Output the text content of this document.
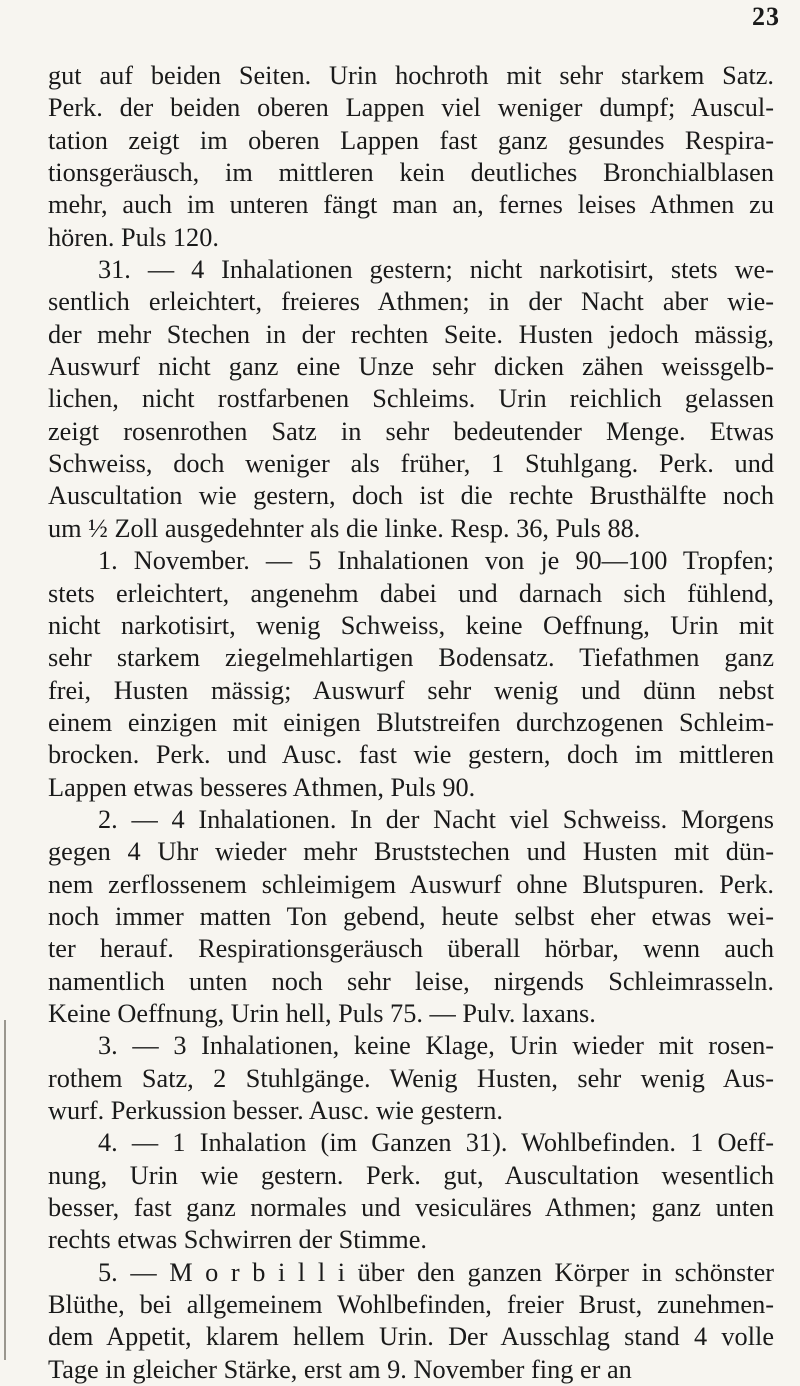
23
gut auf beiden Seiten. Urin hochroth mit sehr starkem Satz.
Perk. der beiden oberen Lappen viel weniger dumpf; Auscul-
tation zeigt im oberen Lappen fast ganz gesundes Respira-
tionsgeräusch, im mittleren kein deutliches Bronchialblasen
mehr, auch im unteren fängt man an, fernes leises Athmen zu
hören. Puls 120.
31. — 4 Inhalationen gestern; nicht narkotisirt, stets we-
sentlich erleichtert, freieres Athmen; in der Nacht aber wie-
der mehr Stechen in der rechten Seite. Husten jedoch mässig,
Auswurf nicht ganz eine Unze sehr dicken zähen weissgelb-
lichen, nicht rostfarbenen Schleims. Urin reichlich gelassen
zeigt rosenrothen Satz in sehr bedeutender Menge. Etwas
Schweiss, doch weniger als früher, 1 Stuhlgang. Perk. und
Auscultation wie gestern, doch ist die rechte Brusthälfte noch
um ½ Zoll ausgedehnter als die linke. Resp. 36, Puls 88.
1. November. — 5 Inhalationen von je 90—100 Tropfen;
stets erleichtert, angenehm dabei und darnach sich fühlend,
nicht narkotisirt, wenig Schweiss, keine Oeffnung, Urin mit
sehr starkem ziegelmehlartigen Bodensatz. Tiefathmen ganz
frei, Husten mässig; Auswurf sehr wenig und dünn nebst
einem einzigen mit einigen Blutstreifen durchzogenen Schleim-
brocken. Perk. und Ausc. fast wie gestern, doch im mittleren
Lappen etwas besseres Athmen, Puls 90.
2. — 4 Inhalationen. In der Nacht viel Schweiss. Morgens
gegen 4 Uhr wieder mehr Bruststechen und Husten mit dün-
nem zerflossenem schleimigem Auswurf ohne Blutspuren. Perk.
noch immer matten Ton gebend, heute selbst eher etwas wei-
ter herauf. Respirationsgeräusch überall hörbar, wenn auch
namentlich unten noch sehr leise, nirgends Schleimrasseln.
Keine Oeffnung, Urin hell, Puls 75. — Pulv. laxans.
3. — 3 Inhalationen, keine Klage, Urin wieder mit rosen-
rothem Satz, 2 Stuhlgänge. Wenig Husten, sehr wenig Aus-
wurf. Perkussion besser. Ausc. wie gestern.
4. — 1 Inhalation (im Ganzen 31). Wohlbefinden. 1 Oeff-
nung, Urin wie gestern. Perk. gut, Auscultation wesentlich
besser, fast ganz normales und vesiculäres Athmen; ganz unten
rechts etwas Schwirren der Stimme.
5. — M o r b i l l i über den ganzen Körper in schönster
Blüthe, bei allgemeinem Wohlbefinden, freier Brust, zunehmen-
dem Appetit, klarem hellem Urin. Der Ausschlag stand 4 volle
Tage in gleicher Stärke, erst am 9. November fing er an
